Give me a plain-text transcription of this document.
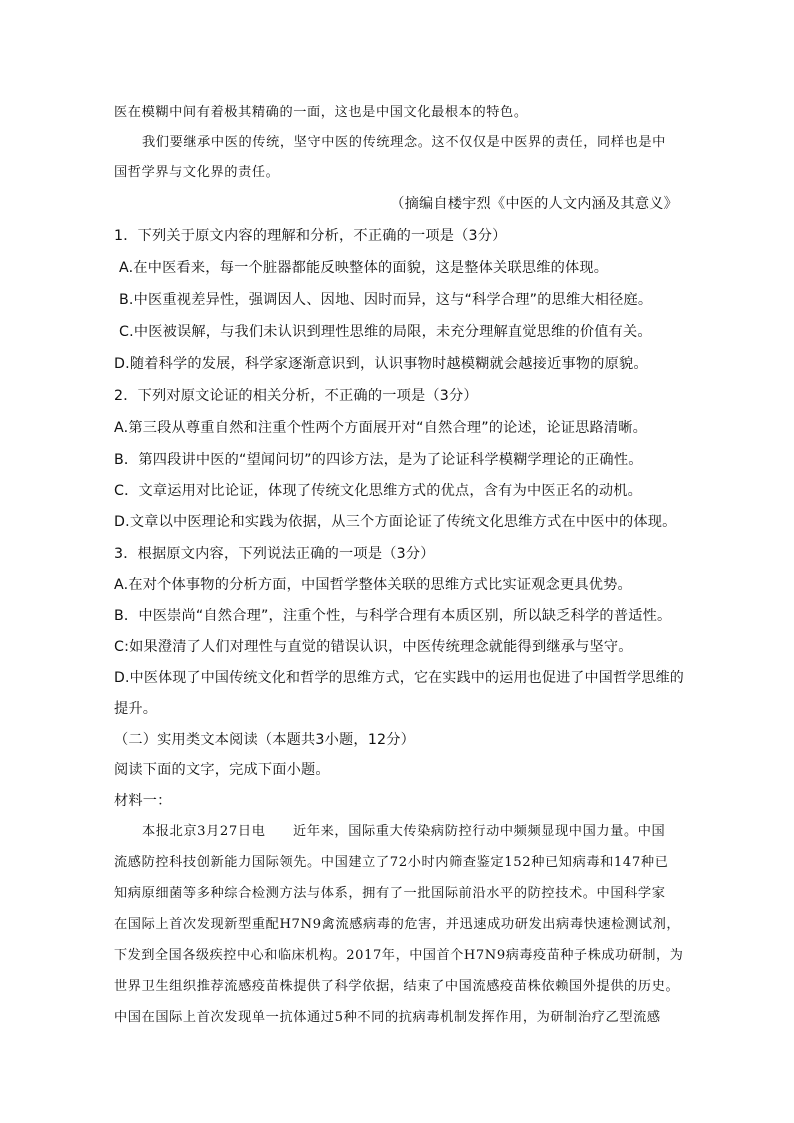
医在模糊中间有着极其精确的一面，这也是中国文化最根本的特色。
我们要继承中医的传统，坚守中医的传统理念。这不仅仅是中医界的责任，同样也是中
国哲学界与文化界的责任。
（摘编自楼宇烈《中医的人文内涵及其意义》
1．下列关于原文内容的理解和分析，不正确的一项是（3分）
A.在中医看来，每一个脏器都能反映整体的面貌，这是整体关联思维的体现。
B.中医重视差异性，强调因人、因地、因时而异，这与“科学合理”的思维大相径庭。
C.中医被误解，与我们未认识到理性思维的局限，未充分理解直觉思维的价值有关。
D.随着科学的发展，科学家逐渐意识到，认识事物时越模糊就会越接近事物的原貌。
2．下列对原文论证的相关分析，不正确的一项是（3分）
A.第三段从尊重自然和注重个性两个方面展开对“自然合理”的论述，论证思路清晰。
B．第四段讲中医的“望闻问切”的四诊方法，是为了论证科学模糊学理论的正确性。
C．文章运用对比论证，体现了传统文化思维方式的优点，含有为中医正名的动机。
D.文章以中医理论和实践为依据，从三个方面论证了传统文化思维方式在中医中的体现。
3．根据原文内容，下列说法正确的一项是（3分）
A.在对个体事物的分析方面，中国哲学整体关联的思维方式比实证观念更具优势。
B．中医崇尚“自然合理”，注重个性，与科学合理有本质区别，所以缺乏科学的普适性。
C:如果澄清了人们对理性与直觉的错误认识，中医传统理念就能得到继承与坚守。
D.中医体现了中国传统文化和哲学的思维方式，它在实践中的运用也促进了中国哲学思维的
提升。
（二）实用类文本阅读（本题共3小题，12分）
阅读下面的文字，完成下面小题。
材料一：
本报北京3月27日电　　近年来，国际重大传染病防控行动中频频显现中国力量。中国
流感防控科技创新能力国际领先。中国建立了72小时内筛查鉴定152种已知病毒和147种已
知病原细菌等多种综合检测方法与体系，拥有了一批国际前沿水平的防控技术。中国科学家
在国际上首次发现新型重配H7N9禽流感病毒的危害，并迅速成功研发出病毒快速检测试剂，
下发到全国各级疾控中心和临床机构。2017年，中国首个H7N9病毒疫苗种子株成功研制，为
世界卫生组织推荐流感疫苗株提供了科学依据，结束了中国流感疫苗株依赖国外提供的历史。
中国在国际上首次发现单一抗体通过5种不同的抗病毒机制发挥作用，为研制治疗乙型流感
